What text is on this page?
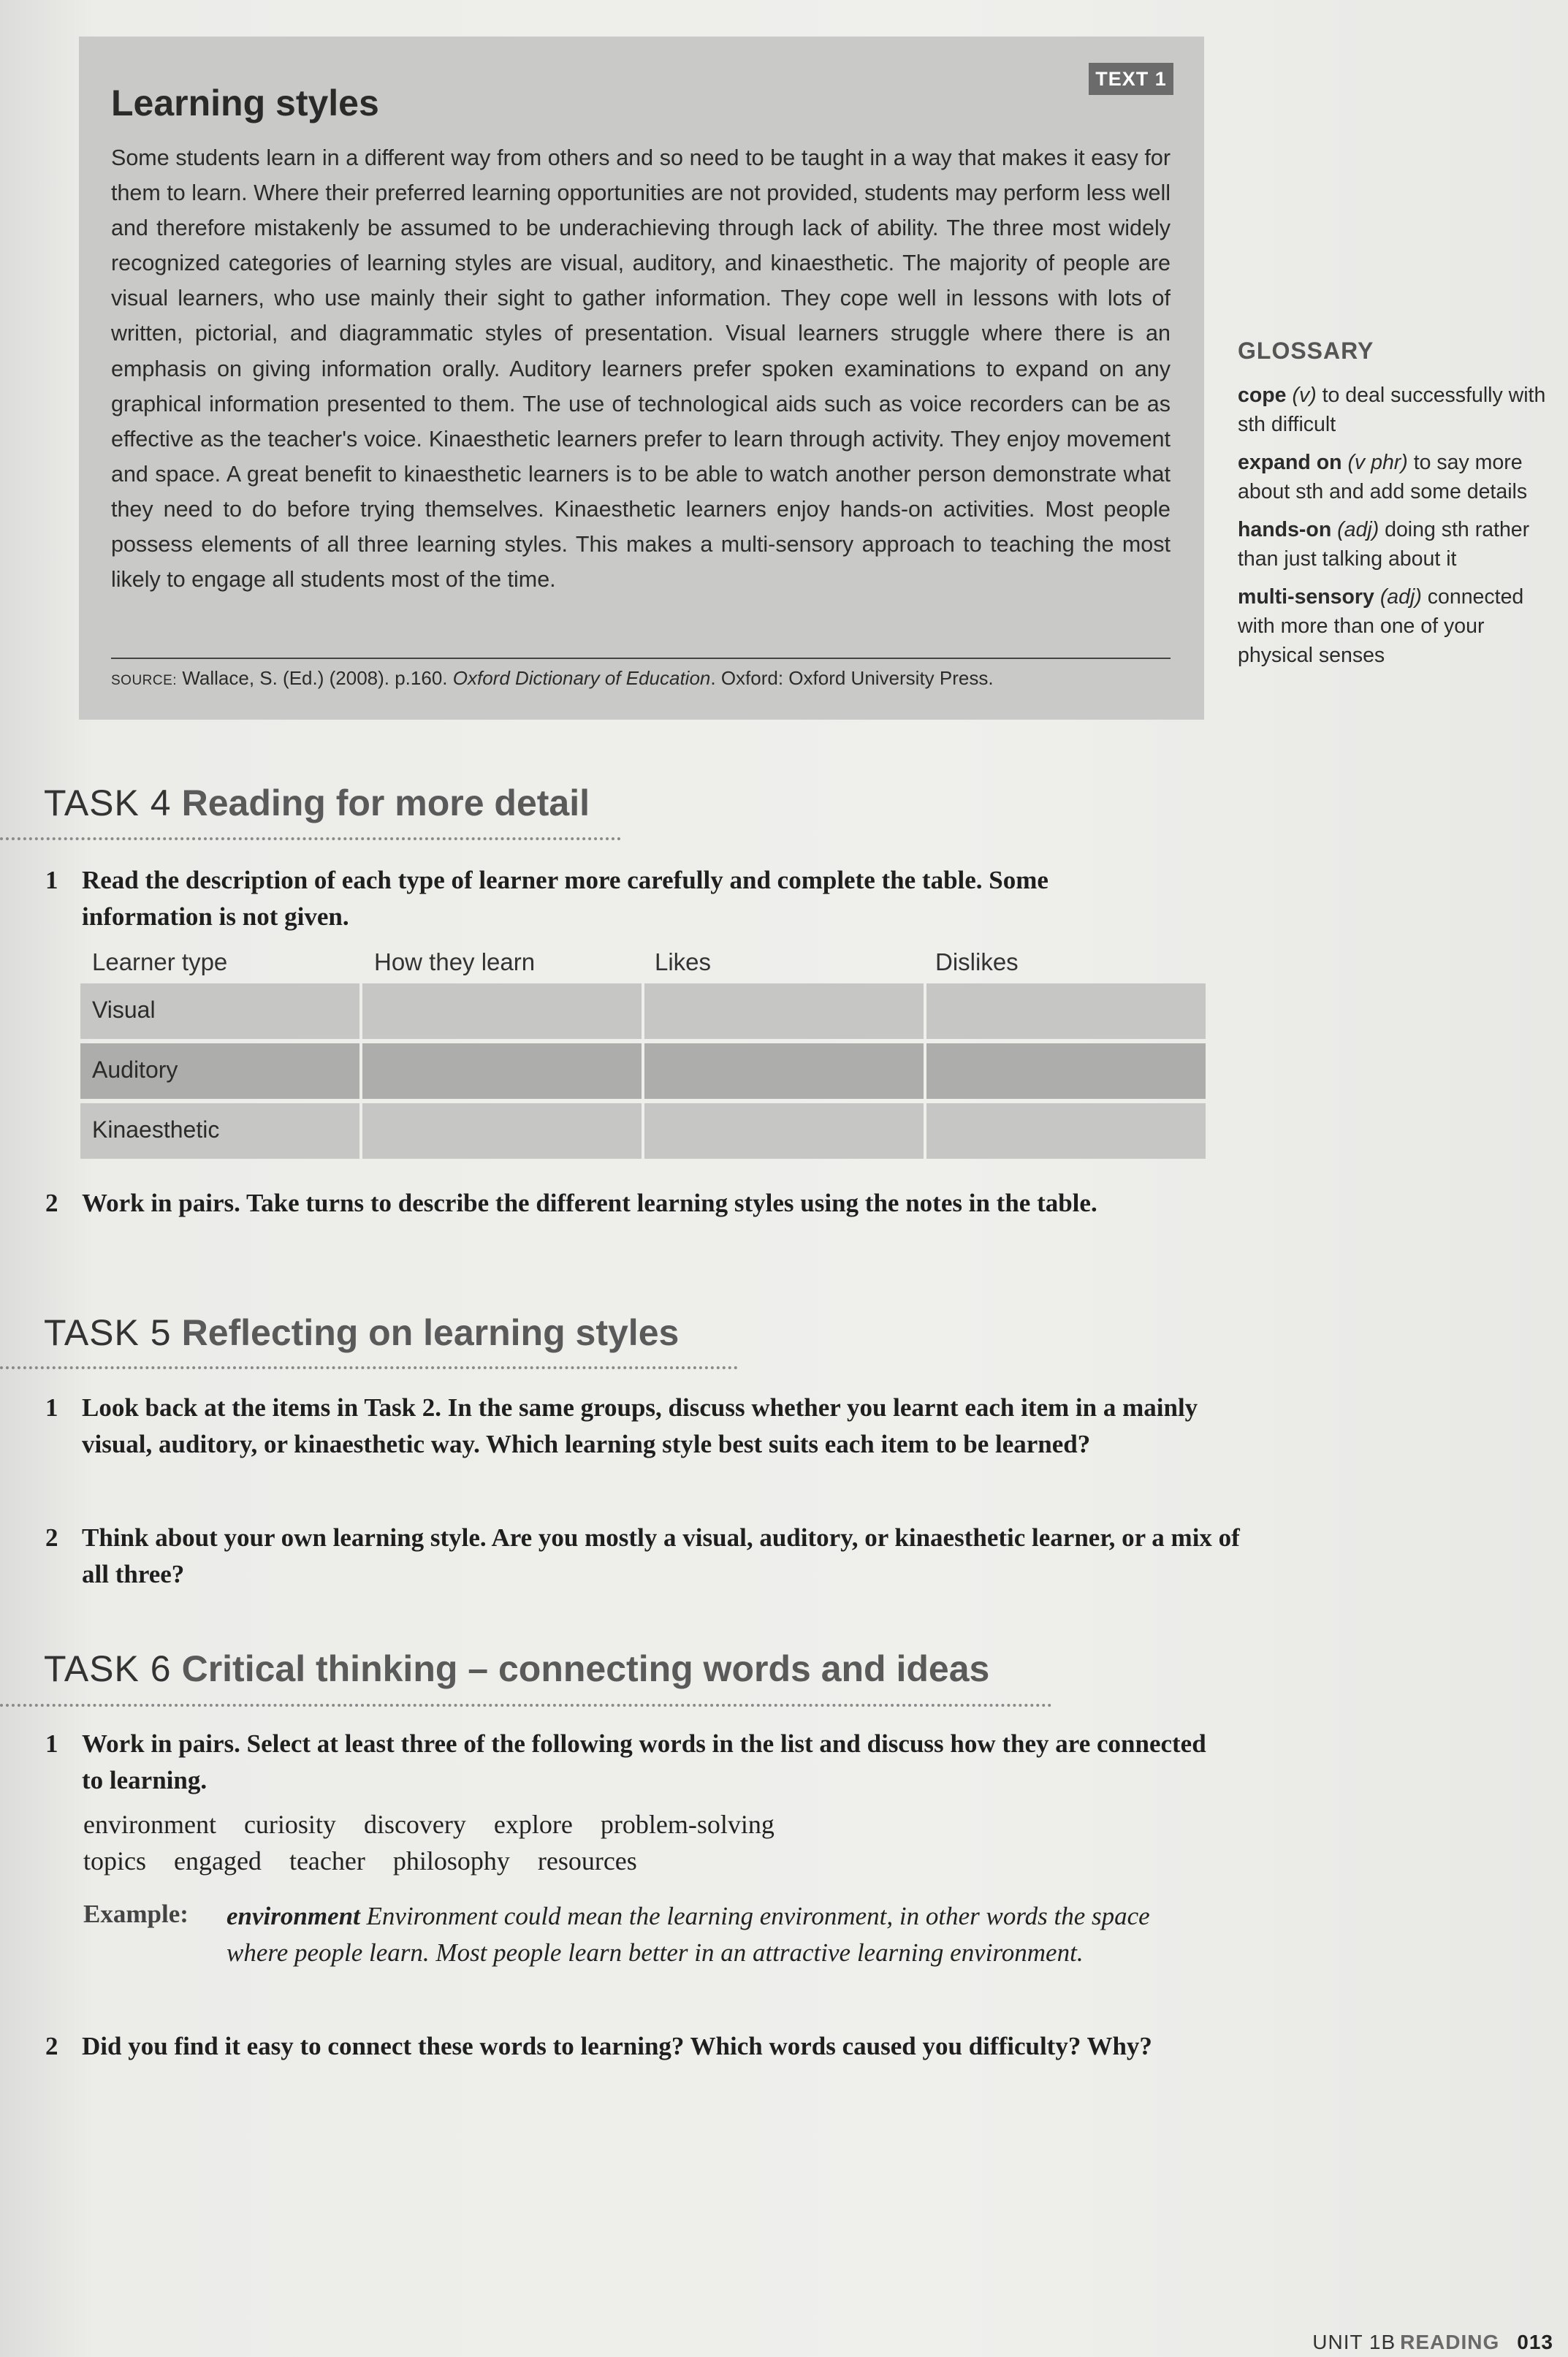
TEXT 1
Learning styles
Some students learn in a different way from others and so need to be taught in a way that makes it easy for them to learn. Where their preferred learning opportunities are not provided, students may perform less well and therefore mistakenly be assumed to be underachieving through lack of ability. The three most widely recognized categories of learning styles are visual, auditory, and kinaesthetic. The majority of people are visual learners, who use mainly their sight to gather information. They cope well in lessons with lots of written, pictorial, and diagrammatic styles of presentation. Visual learners struggle where there is an emphasis on giving information orally. Auditory learners prefer spoken examinations to expand on any graphical information presented to them. The use of technological aids such as voice recorders can be as effective as the teacher's voice. Kinaesthetic learners prefer to learn through activity. They enjoy movement and space. A great benefit to kinaesthetic learners is to be able to watch another person demonstrate what they need to do before trying themselves. Kinaesthetic learners enjoy hands-on activities. Most people possess elements of all three learning styles. This makes a multi-sensory approach to teaching the most likely to engage all students most of the time.
SOURCE: Wallace, S. (Ed.) (2008). p.160. Oxford Dictionary of Education. Oxford: Oxford University Press.
GLOSSARY
cope (v) to deal successfully with sth difficult
expand on (v phr) to say more about sth and add some details
hands-on (adj) doing sth rather than just talking about it
multi-sensory (adj) connected with more than one of your physical senses
TASK 4 Reading for more detail
1 Read the description of each type of learner more carefully and complete the table. Some information is not given.
Learner type	How they learn	Likes	Dislikes
Visual
Auditory
Kinaesthetic
2 Work in pairs. Take turns to describe the different learning styles using the notes in the table.
TASK 5 Reflecting on learning styles
1 Look back at the items in Task 2. In the same groups, discuss whether you learnt each item in a mainly visual, auditory, or kinaesthetic way. Which learning style best suits each item to be learned?
2 Think about your own learning style. Are you mostly a visual, auditory, or kinaesthetic learner, or a mix of all three?
TASK 6 Critical thinking – connecting words and ideas
1 Work in pairs. Select at least three of the following words in the list and discuss how they are connected to learning.
environment curiosity discovery explore problem-solving
topics engaged teacher philosophy resources
Example: environment Environment could mean the learning environment, in other words the space where people learn. Most people learn better in an attractive learning environment.
2 Did you find it easy to connect these words to learning? Which words caused you difficulty? Why?
UNIT 1B READING 013
